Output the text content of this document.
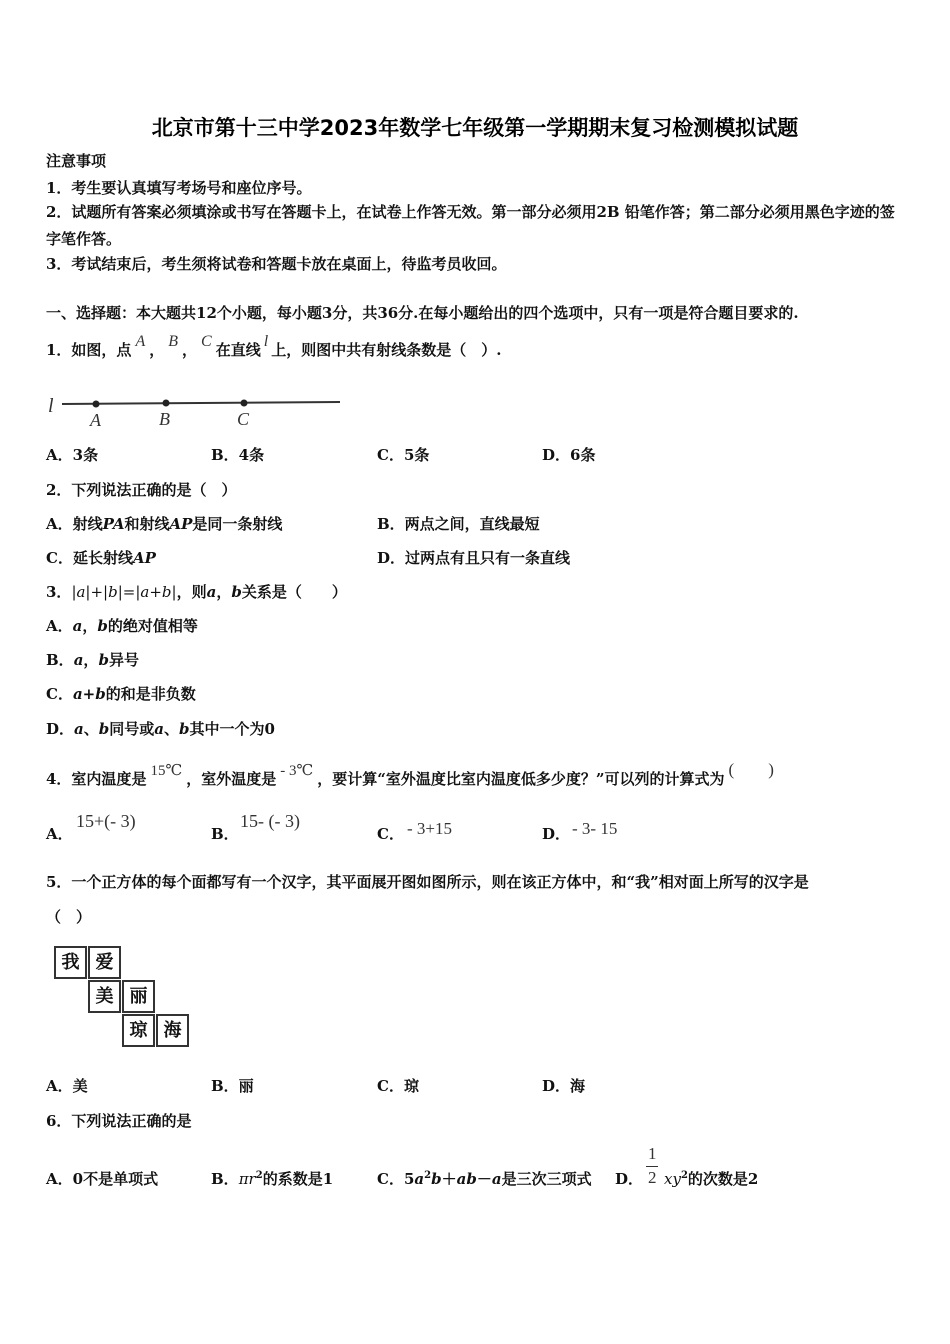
北京市第十三中学2023年数学七年级第一学期期末复习检测模拟试题
注意事项
1．考生要认真填写考场号和座位序号。
2．试题所有答案必须填涂或书写在答题卡上，在试卷上作答无效。第一部分必须用2B 铅笔作答；第二部分必须用黑色字迹的签字笔作答。
3．考试结束后，考生须将试卷和答题卡放在桌面上，待监考员收回。
一、选择题：本大题共12个小题，每小题3分，共36分.在每小题给出的四个选项中，只有一项是符合题目要求的.
1．如图，点 A ， B ， C 在直线 l 上，则图中共有射线条数是（　）.
l
A	B	C
A．3条	B．4条	C．5条	D．6条
2．下列说法正确的是（　）
A．射线PA和射线AP是同一条射线	B．两点之间，直线最短
C．延长射线AP	D．过两点有且只有一条直线
3．|a|+|b|=|a+b|，则a，b关系是（　　）
A．a，b的绝对值相等
B．a，b异号
C．a+b的和是非负数
D．a、b同号或a、b其中一个为0
4．室内温度是 15℃ ，室外温度是 - 3℃ ，要计算“室外温度比室内温度低多少度？”可以列的计算式为 (　　)
A．
15+(- 3)
B．
15- (- 3)
C． - 3+15	D． - 3- 15
5．一个正方体的每个面都写有一个汉字，其平面展开图如图所示，则在该正方体中，和“我”相对面上所写的汉字是
（　）
我 爱
美 丽
琼 海
A．美	B．丽	C．琼	D．海
6．下列说法正确的是
A．0不是单项式	B．$\pi r^2$的系数是1	C．$5a^2b+ab-a$是三次三项式 D．
1
2 $xy^2$的次数是2
